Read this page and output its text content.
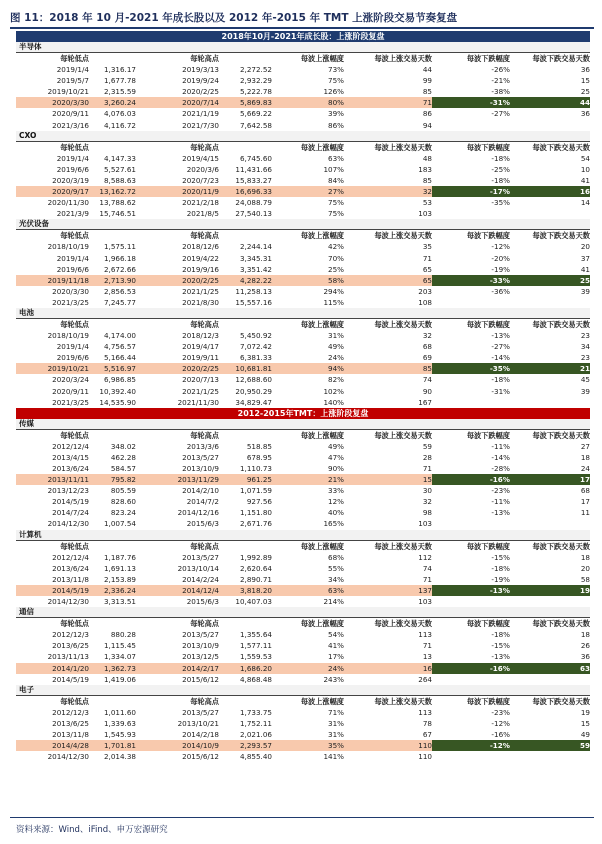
图 11：2018 年 10 月-2021 年成长股以及 2012 年-2015 年 TMT 上涨阶段交易节奏复盘
2018年10月-2021年成长股：上涨阶段复盘
半导体
每轮低点	每轮高点	每波上涨幅度	每波上涨交易天数	每波下跌幅度	每波下跌交易天数
2019/1/4	1,316.17	2019/3/13	2,272.52	73%	44	-26%	36
2019/5/7	1,677.78	2019/9/24	2,932.29	75%	99	-21%	15
2019/10/21	2,315.59	2020/2/25	5,222.78	126%	85	-38%	25
2020/3/30	3,260.24	2020/7/14	5,869.83	80%	71	-31%	44
2020/9/11	4,076.03	2021/1/19	5,669.22	39%	86	-27%	36
2021/3/16	4,116.72	2021/7/30	7,642.58	86%	94
CXO
每轮低点	每轮高点	每波上涨幅度	每波上涨交易天数	每波下跌幅度	每波下跌交易天数
2019/1/4	4,147.33	2019/4/15	6,745.60	63%	48	-18%	54
2019/6/6	5,527.61	2020/3/6	11,431.66	107%	183	-25%	10
2020/3/19	8,588.63	2020/7/23	15,833.27	84%	85	-18%	41
2020/9/17	13,162.72	2020/11/9	16,696.33	27%	32	-17%	16
2020/11/30	13,788.62	2021/2/18	24,088.79	75%	53	-35%	14
2021/3/9	15,746.51	2021/8/5	27,540.13	75%	103
光伏设备
每轮低点	每轮高点	每波上涨幅度	每波上涨交易天数	每波下跌幅度	每波下跌交易天数
2018/10/19	1,575.11	2018/12/6	2,244.14	42%	35	-12%	20
2019/1/4	1,966.18	2019/4/22	3,345.31	70%	71	-20%	37
2019/6/6	2,672.66	2019/9/16	3,351.42	25%	65	-19%	41
2019/11/18	2,713.90	2020/2/25	4,282.22	58%	65	-33%	25
2020/3/30	2,856.53	2021/1/25	11,258.13	294%	203	-36%	39
2021/3/25	7,245.77	2021/8/30	15,557.16	115%	108
电池
每轮低点	每轮高点	每波上涨幅度	每波上涨交易天数	每波下跌幅度	每波下跌交易天数
2018/10/19	4,174.00	2018/12/3	5,450.92	31%	32	-13%	23
2019/1/4	4,756.57	2019/4/17	7,072.42	49%	68	-27%	34
2019/6/6	5,166.44	2019/9/11	6,381.33	24%	69	-14%	23
2019/10/21	5,516.97	2020/2/25	10,681.81	94%	85	-35%	21
2020/3/24	6,986.85	2020/7/13	12,688.60	82%	74	-18%	45
2020/9/11	10,392.40	2021/1/25	20,950.29	102%	90	-31%	39
2021/3/25	14,535.90	2021/11/30	34,829.47	140%	167
2012-2015年TMT：上涨阶段复盘
传媒
每轮低点	每轮高点	每波上涨幅度	每波上涨交易天数	每波下跌幅度	每波下跌交易天数
2012/12/4	348.02	2013/3/6	518.85	49%	59	-11%	27
2013/4/15	462.28	2013/5/27	678.95	47%	28	-14%	18
2013/6/24	584.57	2013/10/9	1,110.73	90%	71	-28%	24
2013/11/11	795.82	2013/11/29	961.25	21%	15	-16%	17
2013/12/23	805.59	2014/2/10	1,071.59	33%	30	-23%	68
2014/5/19	828.60	2014/7/2	927.56	12%	32	-11%	17
2014/7/24	823.24	2014/12/16	1,151.80	40%	98	-13%	11
2014/12/30	1,007.54	2015/6/3	2,671.76	165%	103
计算机
每轮低点	每轮高点	每波上涨幅度	每波上涨交易天数	每波下跌幅度	每波下跌交易天数
2012/12/4	1,187.76	2013/5/27	1,992.89	68%	112	-15%	18
2013/6/24	1,691.13	2013/10/14	2,620.64	55%	74	-18%	20
2013/11/8	2,153.89	2014/2/24	2,890.71	34%	71	-19%	58
2014/5/19	2,336.24	2014/12/4	3,818.20	63%	137	-13%	19
2014/12/30	3,313.51	2015/6/3	10,407.03	214%	103
通信
每轮低点	每轮高点	每波上涨幅度	每波上涨交易天数	每波下跌幅度	每波下跌交易天数
2012/12/3	880.28	2013/5/27	1,355.64	54%	113	-18%	18
2013/6/25	1,115.45	2013/10/9	1,577.11	41%	71	-15%	26
2013/11/13	1,334.07	2013/12/5	1,559.53	17%	13	-13%	36
2014/1/20	1,362.73	2014/2/17	1,686.20	24%	16	-16%	63
2014/5/19	1,419.06	2015/6/12	4,868.48	243%	264
电子
每轮低点	每轮高点	每波上涨幅度	每波上涨交易天数	每波下跌幅度	每波下跌交易天数
2012/12/3	1,011.60	2013/5/27	1,733.75	71%	113	-23%	19
2013/6/25	1,339.63	2013/10/21	1,752.11	31%	78	-12%	15
2013/11/8	1,545.93	2014/2/18	2,021.06	31%	67	-16%	49
2014/4/28	1,701.81	2014/10/9	2,293.57	35%	110	-12%	59
2014/12/30	2,014.38	2015/6/12	4,855.40	141%	110
资料来源：Wind、iFind、申万宏源研究
